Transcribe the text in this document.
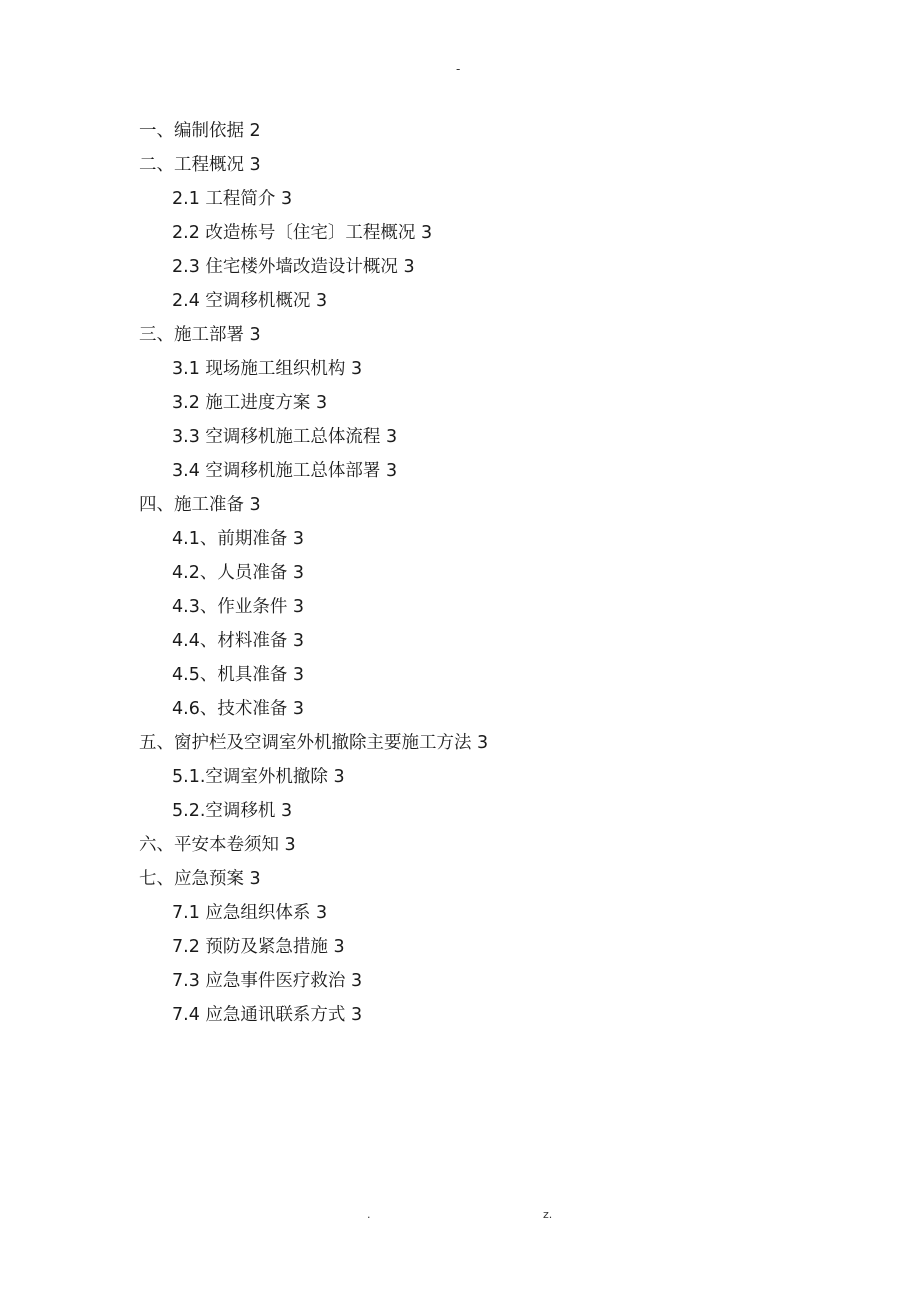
-
一、编制依据 2
二、工程概况 3
2.1 工程简介 3
2.2 改造栋号〔住宅〕工程概况 3
2.3 住宅楼外墙改造设计概况 3
2.4 空调移机概况 3
三、施工部署 3
3.1 现场施工组织机构 3
3.2 施工进度方案 3
3.3 空调移机施工总体流程 3
3.4 空调移机施工总体部署 3
四、施工准备 3
4.1、前期准备 3
4.2、人员准备 3
4.3、作业条件 3
4.4、材料准备 3
4.5、机具准备 3
4.6、技术准备 3
五、窗护栏及空调室外机撤除主要施工方法 3
5.1.空调室外机撤除 3
5.2.空调移机 3
六、平安本卷须知 3
七、应急预案 3
7.1 应急组织体系 3
7.2 预防及紧急措施 3
7.3 应急事件医疗救治 3
7.4 应急通讯联系方式 3
.	z.
